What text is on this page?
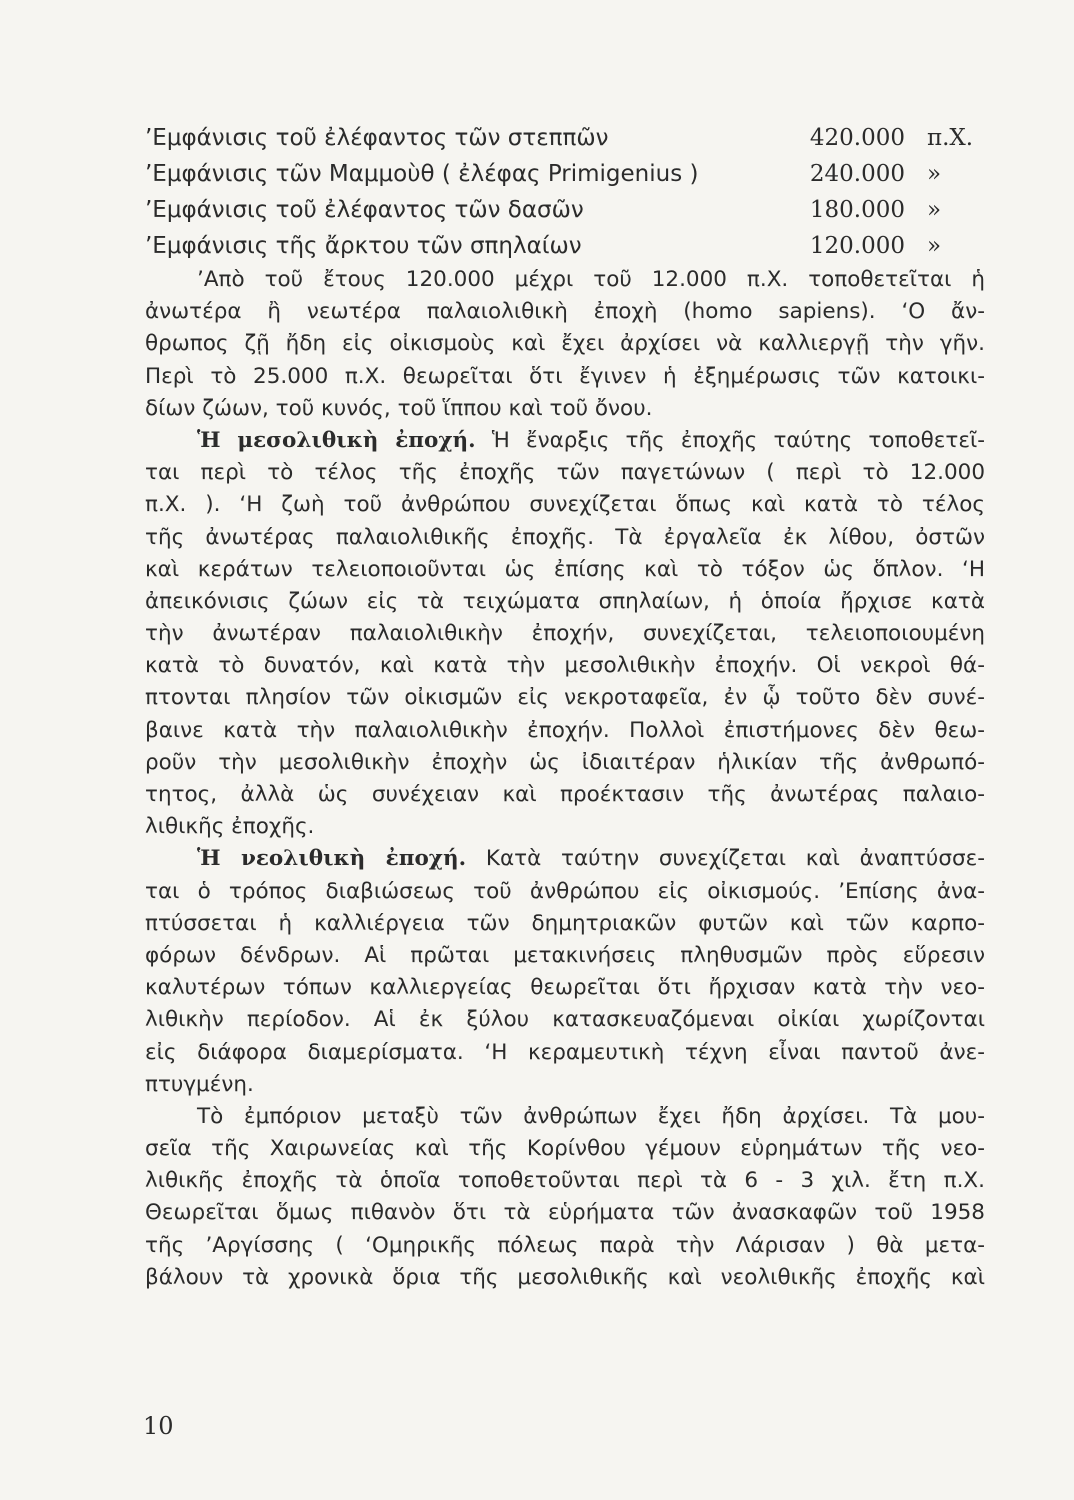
’Εμφάνισις τοῦ ἐλέφαντος τῶν στεππῶν	420.000 π.Χ.
’Εμφάνισις τῶν Μαμμοὺθ ( ἐλέφας Primigenius )	240.000 »
’Εμφάνισις τοῦ ἐλέφαντος τῶν δασῶν	180.000 »
’Εμφάνισις τῆς ἄρκτου τῶν σπηλαίων	120.000 »
’Απὸ τοῦ ἔτους 120.000 μέχρι τοῦ 12.000 π.Χ. τοποθετεῖται ἡ
ἀνωτέρα ἢ νεωτέρα παλαιολιθικὴ ἐποχὴ (homo sapiens). ‘Ο ἄν-
θρωπος ζῇ ἤδη εἰς οἰκισμοὺς καὶ ἔχει ἀρχίσει νὰ καλλιεργῇ τὴν γῆν.
Περὶ τὸ 25.000 π.Χ. θεωρεῖται ὅτι ἔγινεν ἡ ἐξημέρωσις τῶν κατοικι-
δίων ζώων, τοῦ κυνός, τοῦ ἵππου καὶ τοῦ ὄνου.
Ἡ μεσολιθικὴ ἐποχή. Ἡ ἔναρξις τῆς ἐποχῆς ταύτης τοποθετεῖ-
ται περὶ τὸ τέλος τῆς ἐποχῆς τῶν παγετώνων ( περὶ τὸ 12.000
π.Χ. ). ‘Η ζωὴ τοῦ ἀνθρώπου συνεχίζεται ὅπως καὶ κατὰ τὸ τέλος
τῆς ἀνωτέρας παλαιολιθικῆς ἐποχῆς. Τὰ ἐργαλεῖα ἐκ λίθου, ὀστῶν
καὶ κεράτων τελειοποιοῦνται ὡς ἐπίσης καὶ τὸ τόξον ὡς ὅπλον. ‘Η
ἀπεικόνισις ζώων εἰς τὰ τειχώματα σπηλαίων, ἡ ὁποία ἤρχισε κατὰ
τὴν ἀνωτέραν παλαιολιθικὴν ἐποχήν, συνεχίζεται, τελειοποιουμένη
κατὰ τὸ δυνατόν, καὶ κατὰ τὴν μεσολιθικὴν ἐποχήν. Οἱ νεκροὶ θά-
πτονται πλησίον τῶν οἰκισμῶν εἰς νεκροταφεῖα, ἐν ᾧ τοῦτο δὲν συνέ-
βαινε κατὰ τὴν παλαιολιθικὴν ἐποχήν. Πολλοὶ ἐπιστήμονες δὲν θεω-
ροῦν τὴν μεσολιθικὴν ἐποχὴν ὡς ἰδιαιτέραν ἡλικίαν τῆς ἀνθρωπό-
τητος, ἀλλὰ ὡς συνέχειαν καὶ προέκτασιν τῆς ἀνωτέρας παλαιο-
λιθικῆς ἐποχῆς.
Ἡ νεολιθικὴ ἐποχή. Κατὰ ταύτην συνεχίζεται καὶ ἀναπτύσσε-
ται ὁ τρόπος διαβιώσεως τοῦ ἀνθρώπου εἰς οἰκισμούς. ’Επίσης ἀνα-
πτύσσεται ἡ καλλιέργεια τῶν δημητριακῶν φυτῶν καὶ τῶν καρπο-
φόρων δένδρων. Αἱ πρῶται μετακινήσεις πληθυσμῶν πρὸς εὕρεσιν
καλυτέρων τόπων καλλιεργείας θεωρεῖται ὅτι ἤρχισαν κατὰ τὴν νεο-
λιθικὴν περίοδον. Αἱ ἐκ ξύλου κατασκευαζόμεναι οἰκίαι χωρίζονται
εἰς διάφορα διαμερίσματα. ‘Η κεραμευτικὴ τέχνη εἶναι παντοῦ ἀνε-
πτυγμένη.
Τὸ ἐμπόριον μεταξὺ τῶν ἀνθρώπων ἔχει ἤδη ἀρχίσει. Τὰ μου-
σεῖα τῆς Χαιρωνείας καὶ τῆς Κορίνθου γέμουν εὑρημάτων τῆς νεο-
λιθικῆς ἐποχῆς τὰ ὁποῖα τοποθετοῦνται περὶ τὰ 6 - 3 χιλ. ἔτη π.Χ.
Θεωρεῖται ὅμως πιθανὸν ὅτι τὰ εὑρήματα τῶν ἀνασκαφῶν τοῦ 1958
τῆς ’Αργίσσης ( ‘Ομηρικῆς πόλεως παρὰ τὴν Λάρισαν ) θὰ μετα-
βάλουν τὰ χρονικὰ ὅρια τῆς μεσολιθικῆς καὶ νεολιθικῆς ἐποχῆς καὶ
10
